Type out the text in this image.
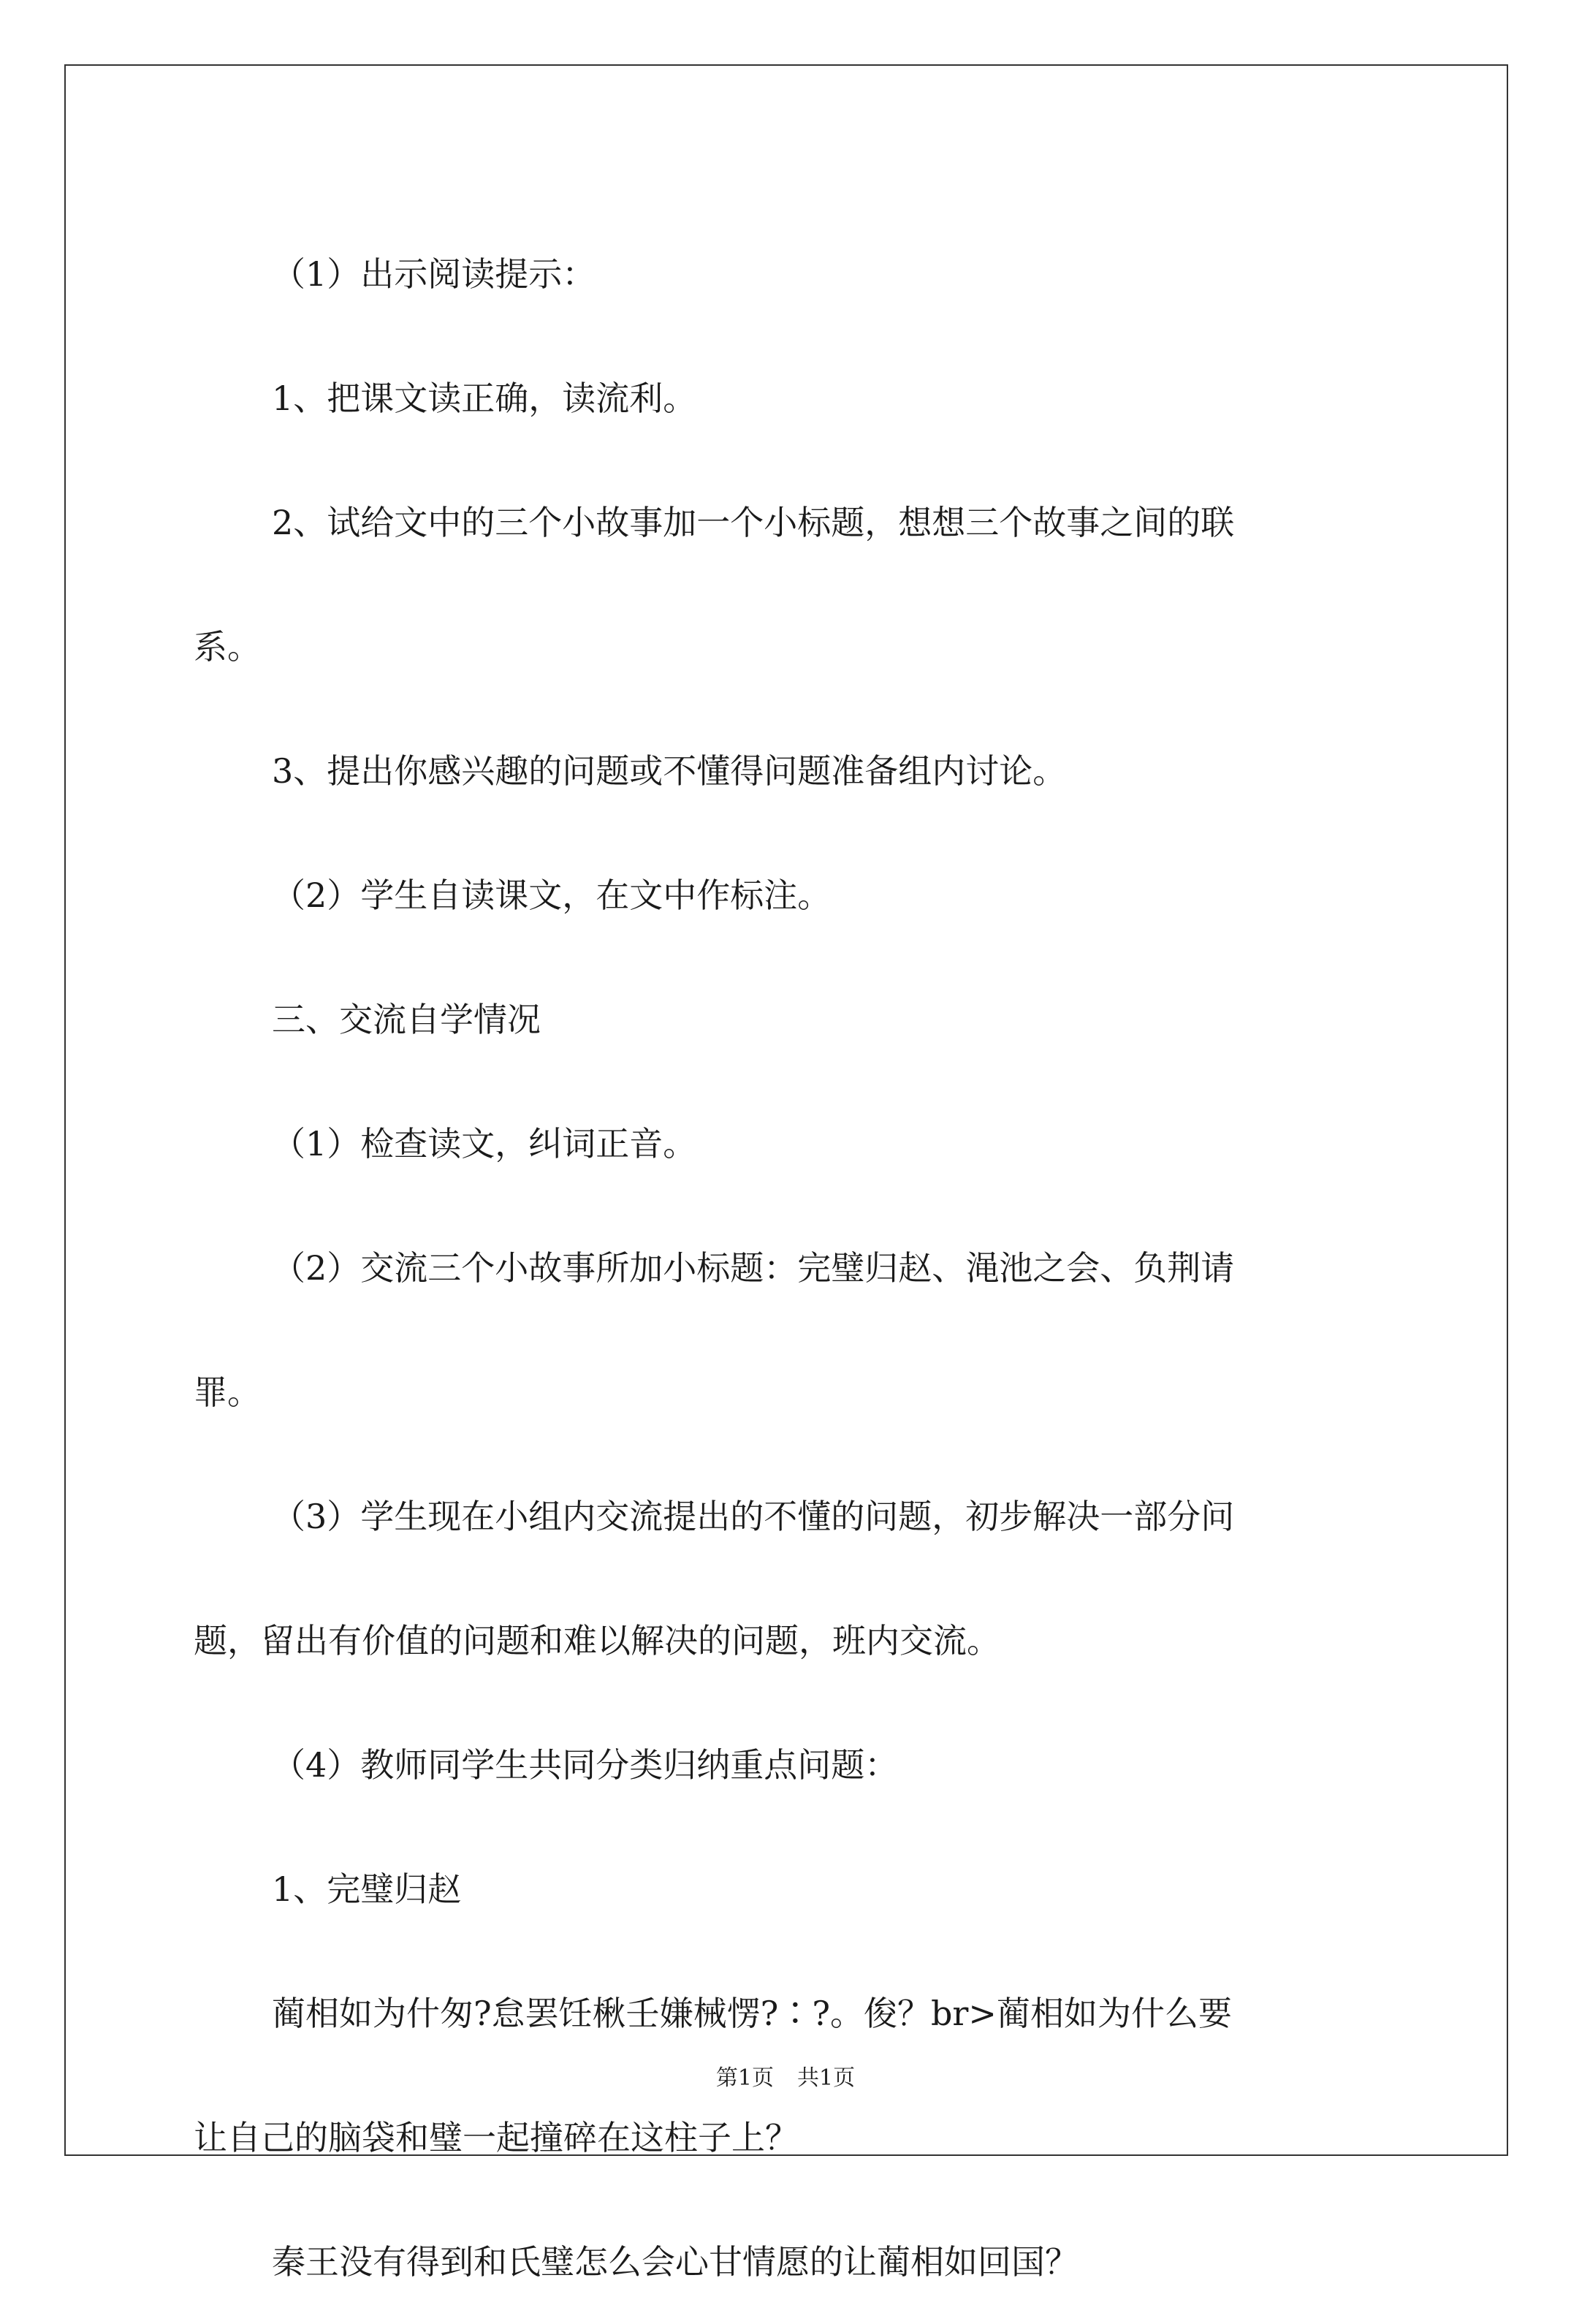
（1）出示阅读提示：

1、把课文读正确，读流利。

2、试给文中的三个小故事加一个小标题，想想三个故事之间的联

系。

3、提出你感兴趣的问题或不懂得问题准备组内讨论。

（2）学生自读课文，在文中作标注。

三、交流自学情况

（1）检查读文，纠词正音。

（2）交流三个小故事所加小标题：完璧归赵、渑池之会、负荆请

罪。

（3）学生现在小组内交流提出的不懂的问题，初步解决一部分问

题，留出有价值的问题和难以解决的问题，班内交流。

（4）教师同学生共同分类归纳重点问题：

1、完璧归赵

蔺相如为什匆?怠罢饪楸壬嫌械愣?∶?。俊？br>蔺相如为什么要

让自己的脑袋和璧一起撞碎在这柱子上？

秦王没有得到和氏璧怎么会心甘情愿的让蔺相如回国？

第1页 共1页
